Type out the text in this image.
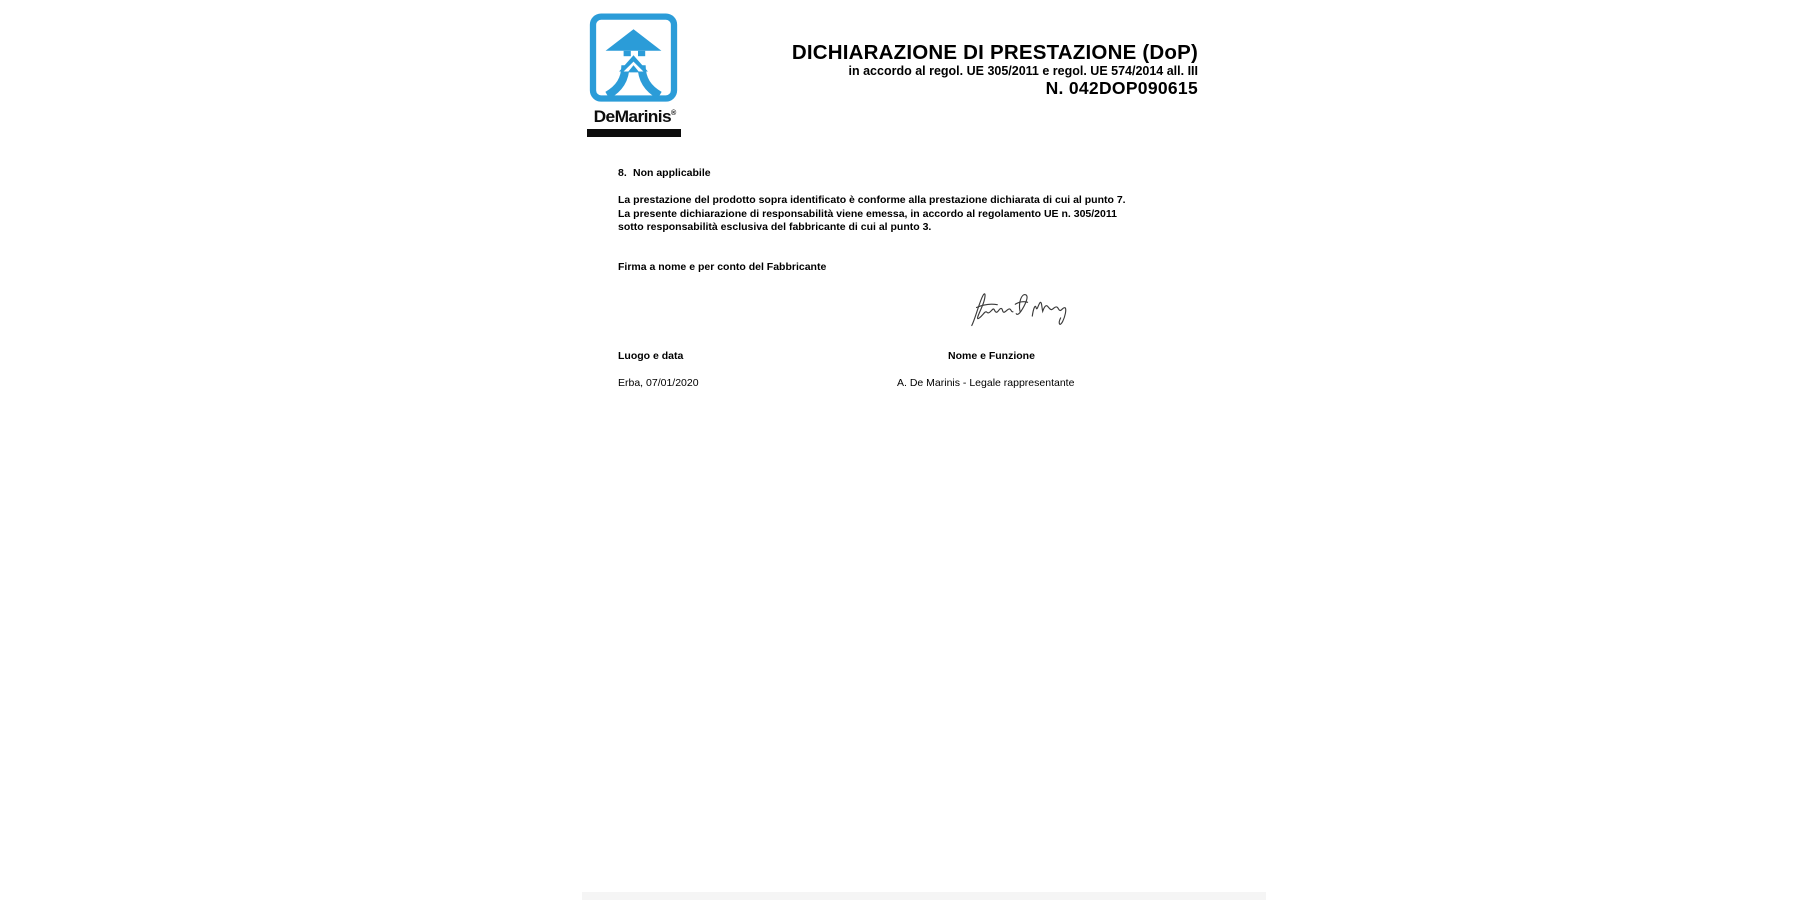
DeMarinis®
DICHIARAZIONE DI PRESTAZIONE (DoP)
in accordo al regol. UE 305/2011 e regol. UE 574/2014 all. III
N. 042DOP090615
8. Non applicabile
La prestazione del prodotto sopra identificato è conforme alla prestazione dichiarata di cui al punto 7.
La presente dichiarazione di responsabilità viene emessa, in accordo al regolamento UE n. 305/2011
sotto responsabilità esclusiva del fabbricante di cui al punto 3.
Firma a nome e per conto del Fabbricante
Luogo e data	Nome e Funzione
Erba, 07/01/2020	A. De Marinis - Legale rappresentante
